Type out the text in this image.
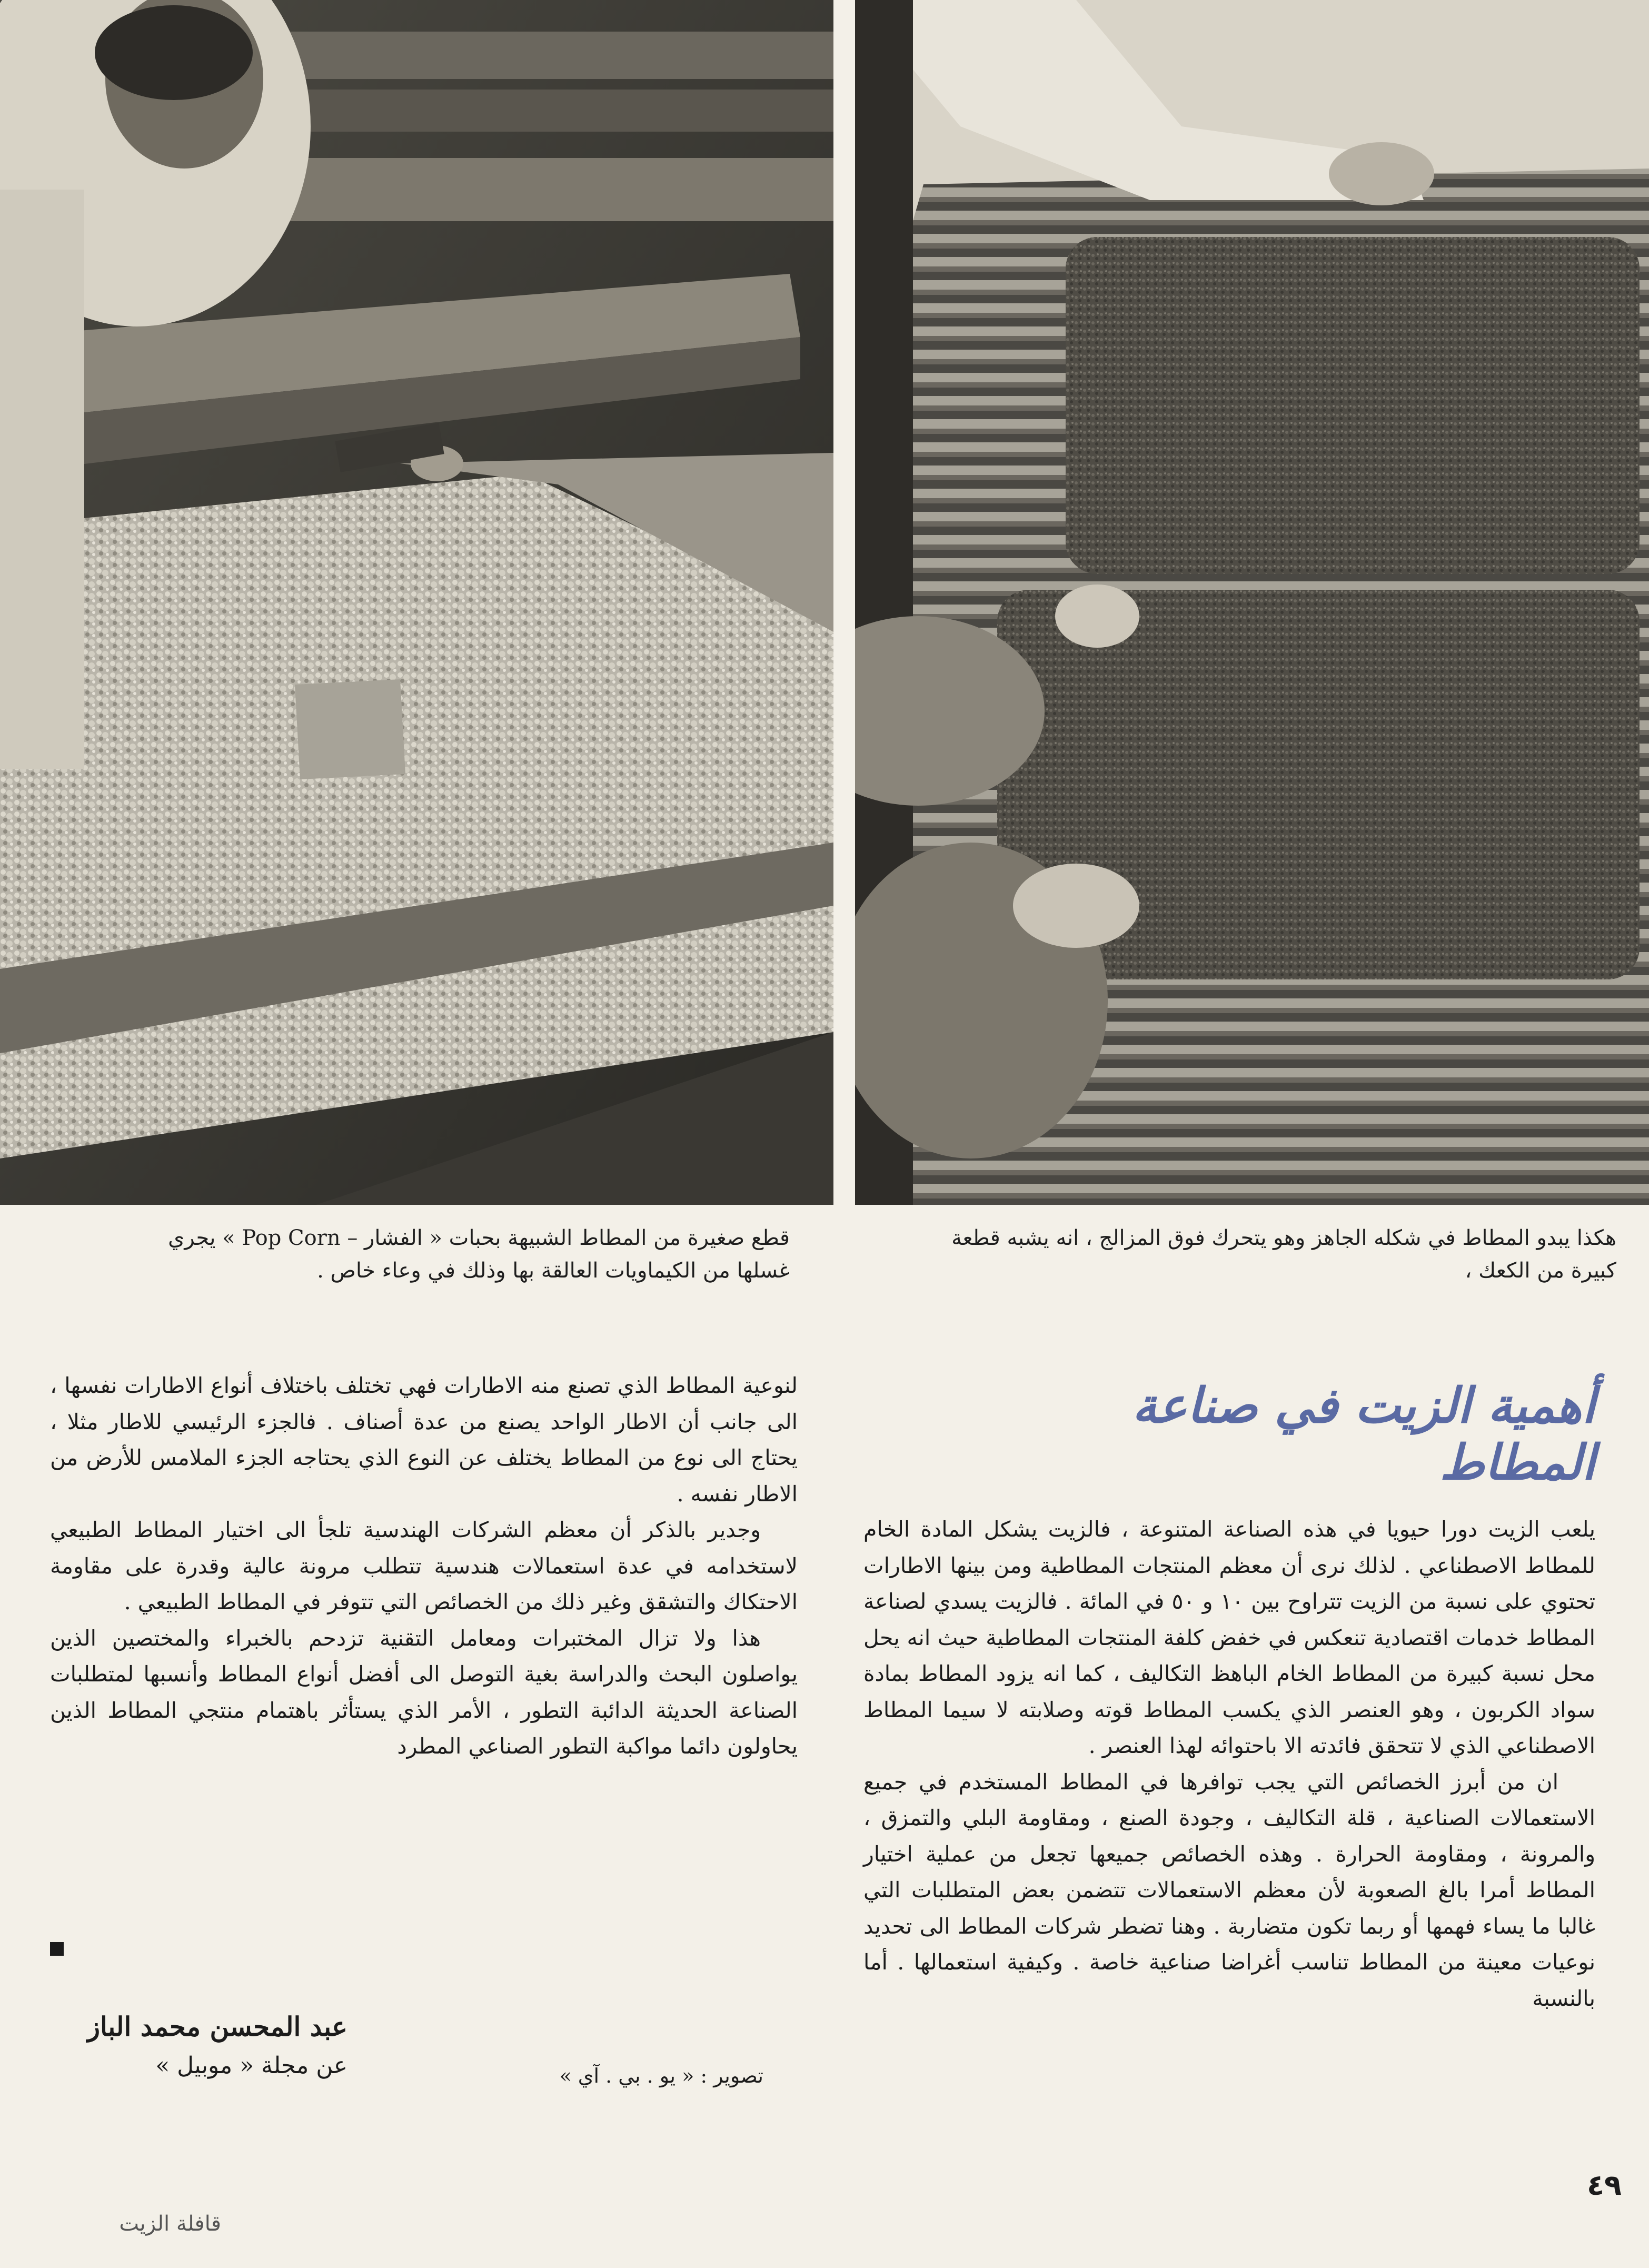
قطع صغيرة من المطاط الشبيهة بحبات « الفشار – Pop Corn » يجري غسلها من الكيماويات العالقة بها وذلك في وعاء خاص .
هكذا يبدو المطاط في شكله الجاهز وهو يتحرك فوق المزالج ، انه يشبه قطعة كبيرة من الكعك ،
أهمية الزيت في صناعة المطاط

يلعب الزيت دورا حيويا في هذه الصناعة المتنوعة ، فالزيت يشكل المادة الخام للمطاط الاصطناعي . لذلك نرى أن معظم المنتجات المطاطية ومن بينها الاطارات تحتوي على نسبة من الزيت تتراوح بين ١٠ و ٥٠ في المائة . فالزيت يسدي لصناعة المطاط خدمات اقتصادية تنعكس في خفض كلفة المنتجات المطاطية حيث انه يحل محل نسبة كبيرة من المطاط الخام الباهظ التكاليف ، كما انه يزود المطاط بمادة سواد الكربون ، وهو العنصر الذي يكسب المطاط قوته وصلابته لا سيما المطاط الاصطناعي الذي لا تتحقق فائدته الا باحتوائه لهذا العنصر .

ان من أبرز الخصائص التي يجب توافرها في المطاط المستخدم في جميع الاستعمالات الصناعية ، قلة التكاليف ، وجودة الصنع ، ومقاومة البلي والتمزق ، والمرونة ، ومقاومة الحرارة . وهذه الخصائص جميعها تجعل من عملية اختيار المطاط أمرا بالغ الصعوبة لأن معظم الاستعمالات تتضمن بعض المتطلبات التي غالبا ما يساء فهمها أو ربما تكون متضاربة . وهنا تضطر شركات المطاط الى تحديد نوعيات معينة من المطاط تناسب أغراضا صناعية خاصة . وكيفية استعمالها . أما بالنسبة

لنوعية المطاط الذي تصنع منه الاطارات فهي تختلف باختلاف أنواع الاطارات نفسها ، الى جانب أن الاطار الواحد يصنع من عدة أصناف . فالجزء الرئيسي للاطار مثلا ، يحتاج الى نوع من المطاط يختلف عن النوع الذي يحتاجه الجزء الملامس للأرض من الاطار نفسه .

وجدير بالذكر أن معظم الشركات الهندسية تلجأ الى اختيار المطاط الطبيعي لاستخدامه في عدة استعمالات هندسية تتطلب مرونة عالية وقدرة على مقاومة الاحتكاك والتشقق وغير ذلك من الخصائص التي تتوفر في المطاط الطبيعي .

هذا ولا تزال المختبرات ومعامل التقنية تزدحم بالخبراء والمختصين الذين يواصلون البحث والدراسة بغية التوصل الى أفضل أنواع المطاط وأنسبها لمتطلبات الصناعة الحديثة الدائبة التطور ، الأمر الذي يستأثر باهتمام منتجي المطاط الذين يحاولون دائما مواكبة التطور الصناعي المطرد

عبد المحسن محمد الباز
عن مجلة « موبيل »	تصوير : « يو . بي . آي »
٤٩
قافلة الزيت
